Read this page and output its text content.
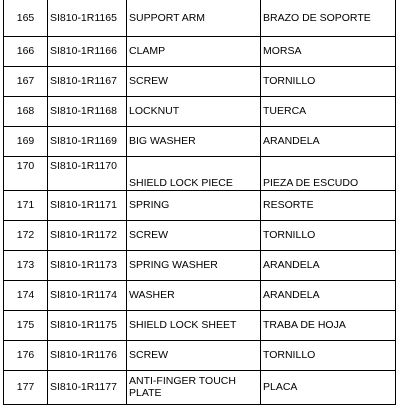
165	SI810-1R1165	SUPPORT ARM	BRAZO DE SOPORTE
166	SI810-1R1166	CLAMP	MORSA
167	SI810-1R1167	SCREW	TORNILLO
168	SI810-1R1168	LOCKNUT	TUERCA
169	SI810-1R1169	BIG WASHER	ARANDELA
170	SI810-1R1170	SHIELD LOCK PIECE	PIEZA DE ESCUDO
171	SI810-1R1171	SPRING	RESORTE
172	SI810-1R1172	SCREW	TORNILLO
173	SI810-1R1173	SPRING WASHER	ARANDELA
174	SI810-1R1174	WASHER	ARANDELA
175	SI810-1R1175	SHIELD LOCK SHEET	TRABA DE HOJA
176	SI810-1R1176	SCREW	TORNILLO
177	SI810-1R1177	ANTI-FINGER TOUCH PLATE	PLACA
